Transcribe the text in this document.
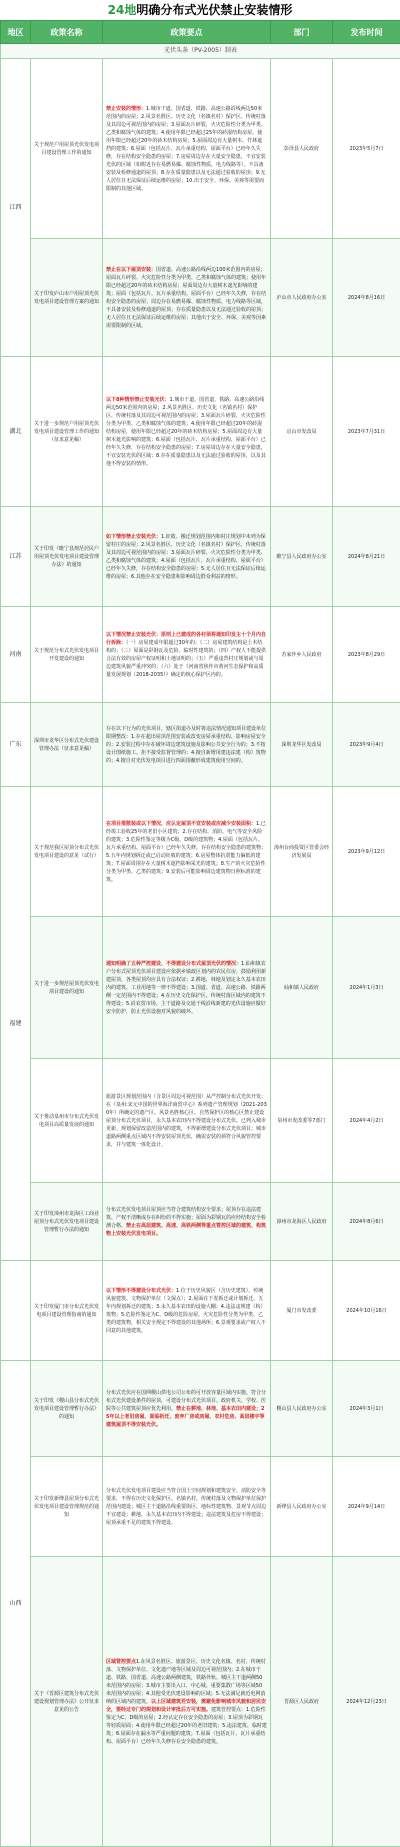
24地明确分布式光伏禁止安装情形
地区	政策名称	政策要点	部门	发布时间
光伏头条（PV-2005）制表				
江西	关于规范户用屋顶光伏发电项目建设管理工作的通知	禁止安装的情形：1.城市干道、国省道、铁路、高速公路沿线两边50米范围内的房屋；2.风景名胜区、历史文化（名镇名村）保护区、传统村落及其周边可视范围内的房屋；3.屋面瓦片碎裂，火灾危险性分类为甲类、乙类和腐蚀气体的建筑；4.使用年限已经超过25年的砖混结构房屋，使用年限已经超过20年的砖木结构房屋；5.屋面周边有大量树木、竹林遮挡的建筑；6.屋面（包括瓦片、瓦片承重结构、屋面平台）已经年久失修，存在结构安全隐患的房屋；7.房屋周边存在大量安全隐患，不宜安装光伏的区域（如附近存在易燃易爆、腐蚀性物质，电力线路等），不具备安装及检修通道的屋顶；8.存在质量隐患以及无法通过验收的屋顶；9.无人居住且无法保证后续运维的房屋；10.出于安全、环保、美观等需要而限制的其他区域。	彭泽县人民政府	2023年5月7日
	关于印发庐山市户用屋顶光伏发电项目建设管理方案的通知	禁止在以下屋顶安装：国省道、高速公路沿线两边100米范围内的房屋；屋面瓦片碎裂、火灾危险性分类为甲类、乙类和腐蚀气体的建筑；使用年限已经超过20年的砖木结构房屋；屋面周边有大量树木遮光影响的建筑；屋面（包括瓦片、瓦片承重结构、屋面平台）已经年久失修，存在结构安全隐患的房屋；周边存在易燃易爆、腐蚀性物质、电力线路等区域，不具备安装及检修通道的屋顶；存在质量隐患以及无法通过验收的屋顶；无人居住且无法保证后续运维的房屋；其他出于安全、环保、美观等因素需要限制的区域。	庐山市人民政府办公室	2024年8月16日
湖北	关于进一步规范户用屋顶光伏发电项目建设管理工作的通知（征求意见稿）	以下8种情形禁止安装光伏：1.城市干道、国省道、铁路、高速公路沿线两边50米范围内的房屋；2.风景名胜区、历史文化（名镇名村）保护区、传统村落及其周边可视范围内的房屋；3.屋面瓦片碎裂、火灾危险性分类为甲类、乙类和腐蚀气体的建筑；4.使用年限已经超过20年的砖混结构房屋，使用年限已经超过20年的砖木结构房屋；5.屋面周边有大量树木遮光影响的建筑；6.屋面（包括瓦片、瓦片承重结构、屋面平台）已经年久失修，存在结构安全隐患的房屋；7.房屋周边存在大量安全隐患，不宜安装光伏的区域；8.存在质量隐患以及无法通过验收的屋顶，以及其他不得安装的情形。	京山市发改局	2023年7月31日
江苏	关于印发《睢宁县规范居民户用屋顶光伏发电项目建设管理办法》的通知	如下情形禁止安装光伏：1.征收、搬迁规划范围内和村庄规划中未列为保留村庄的房屋；2.风景名胜区、历史文化（名镇名村）保护区、传统村落及其周边可视范围内的房屋；3.屋面瓦片碎裂、火灾危险性分类为甲类、乙类和腐蚀气体的建筑；4.屋面（包括瓦片、瓦片承重结构、屋面平台）已经年久失修，存在结构安全隐患的房屋；5.无人居住且无法保证后续运维的房屋；6.其他存在安全隐患和影响周边群众利益的情形。	睢宁县人民政府办公室	2024年8月21日
河南	关于规范分布式光伏发电项目开发建设的通知	以下情况禁止安装光伏：原则上已建成的各村须将通知印发主十个月内自行拆除：（一）房屋建成年限超过30年的；（二）房屋建筑结构是土木结构的；（三）屋面是彩钢瓦及危险、临时性建筑的；（四）产权人不能提供合法有效的房屋产权证明和土地证明的；（五）严重违背村庄规划或与周边建筑风貌严重冲突的；（六）处于《河南省焦作市黄河生态保护和高质量发展规划（2018-2035）》确定的核心保护区内的。	苏家作乡人民政府	2023年8月29日
广东	深圳市龙华区分布式光伏建设管理办法（征求意见稿）	存在以下行为的光伏项目，辖区街道办及时将违法情况通知项目建设单位限期整改：1.存在超出屋顶范围安装或改变房屋承重结构、影响房屋安全的；2.安装过程中存在破坏周边建筑设施及影响公共安全行为的；3.不按设计图纸施工、拒不接受监督管理的；4.擅自新增用建违法建（构）筑物的；4.擅自对光伏发电项目进行四面围蔽形成建筑使用空间的。	深圳龙华区发改局	2023年9月4日
福建	关于规范我区屋顶分布式光伏发电项目建设的意见（试行）	在项目推散装或以下情况，应认定屋顶不宜安装或应减少安装面积：1.已经竣工验收25年的老旧小区建筑；2.存在结构、消防、电气等安全风险的建筑；3.危险性鉴定等级为C级、D级的建筑物；4.屋面（包括瓦片、瓦片承重结构、屋面平台）已经年久失修，存在结构安全隐患的建筑物；5.五年内规划拆迁或已启动征收的建筑；6.房屋整体抗震能力偏低的建筑；7.屋面周围存在大量树木遮挡影响采光的建筑；8.生产的火灾危险性分类为甲类、乙类的建筑；9.安装后可能影响周边建筑物日照标准的建筑。	漳州台商投资区管委会经济发展局	2023年9月12日
	关于进一步规范屋顶光伏发电项目建设的通知	通知明确了五种严控建设、不得建设分布式屋顶光伏的情况：1.仙和镇农户分布式屋顶光伏项目建设应依据乡镇政区划内的农民住房，鼓励利用新建屋顶，各类屋顶均应具有合法权证；2.耕地、林地及划定永久基本农田内的建筑、工业用地等一律不得建设；3.国道、省道、高速公路、铁路两侧一定范围内不得建设；4.在历史文化保护区、传统村落区域内的建筑不得建设；5.沿农贸市场、主干道路及交通干线沿线新建的光伏设施应做好安全防护，防止光伏设施对风貌的破坏。	仙和镇人民政府	2024年1月3日
	关于推动泉州市分布式光伏发电项目高质量发展的通知	旅游景区规划范围内（含景区周边可视范围）从严控制分布式光伏开发；在《泉州:宋元中国的世界海洋商贸中心》系列遗产管理规划（2021-2030年）所确定的遗产区、风景名胜核心区、自然保护区的核心区禁止建设屋顶分布式光伏项目，永久基本农田内不得建设分布式光伏。已列入城市更新、规划保留改造范围内的建筑，不得新增建设分布式光伏项目；城市道路两侧重点区域内不得安装屋顶光伏，确需安装的须符合风貌管控要求，并与建筑一体化设计。	泉州市发改委等7部门	2024年4月2日
	关于印发漳州市龙海区工商业屋顶分布式光伏发电项目建设管理暂行办法的通知	分布式光伏发电项目屋顶应当符合建筑结构安全要求；屋顶存在违法建筑、产权不清晰或存在纠纷的不得实施；屋面为彩钢瓦的应经结构安全检测合格。禁止在高层建筑、高速、高铁两侧等重点管控区域的建筑、构筑物上安装光伏发电项目。	漳州市龙海区人民政府	2024年8月6日
	关于印发厦门市分布式光伏发电项目建设管理指南的通知	以下情形不得建设分布式光伏：1.位于历史风貌区（含历史建筑），传统风貌建筑、文物保护单位（文保点）；2.屋面在下发拆迁或计划拆迁、五年内规划拆迁的建筑；3.永久基本农田的设施大棚；4.违法违规建（构）筑物；5.危险性鉴定为C、D级的危险房屋，火灾危险性分类为甲类、乙类的建筑物，相关安全规定不得建设的其他场所；6.景观要求或产权人不同意的其他建筑。	厦门市发改委	2024年10月16日
山西	关于印发《稷山县分布式光伏发电项目建设管理暂行办法》的通知	分布式光伏应在国网稷山供电公司公布的可开放容量区域内实施。符合分布式光伏建设条件的屋顶，可建设分布式光伏项目。政府机关、学校、医院等公共建筑屋顶应优先利用。禁止在耕地、林地、基本农田内建设；25年以上老旧房屋、面临拆迁、废弃厂房或房屋、农村危房、高层楼宇等建筑屋顶不得安装光伏。	稷山县人民政府办公室	2024年3月1日
	关于印发新绛县屋顶分布式光伏发电项目建设管理规范的通知	分布式光伏发电项目建设应当符合国土空间规划和建筑安全、消防安全等要求，不得在历史文化保护区、名镇名村、传统村落及文物保护单位保护范围内建设；城区主干道路沿线重要街区、地标性建筑物、景观节点周边不宜建设；耕地、永久基本农田内不得建设；违法建筑及危房不得建设；屋顶承重不足的建筑不得建设。	新绛县人民政府办公室	2024年9月14日
	关于《晋源区建筑分布式光伏建设规划管理办法》公开征求意见的公告	区域管控要点1.在风景名胜区、旅游景区、历史文化名镇、名村、传统村落、文物保护单位、文化遗产地等区域及周边可视范围内；2.在城市干道、铁路、国省道、高速公路两侧建筑，铁路外轨、城区主干道两侧50米范围内的房屋；3.城市主要出入口、中心城、重要集散广场等区域50米范围内的房屋；4.其他受光伏建设影响的区域；5.无法满足就近电网消纳的区域内的建筑。以上区域建筑若安装，需避免影响城市风貌和居民安全，要经过专门的规划和设计审批后方可实施。建筑管控要点：1.危险性鉴定为C、D级的房屋；2.经认定存在安全隐患的房屋；3.屋顶为彩钢瓦等轻质屋面；4.使用年限已经超过20年的老旧建筑；5.违法建筑、临时建筑；6.屋面存在漏水等严重问题的建筑；7.屋面（包括瓦片、瓦片承重结构、屋面平台）已经年久失修存在安全隐患的建筑。	晋源区人民政府	2024年12月23日
